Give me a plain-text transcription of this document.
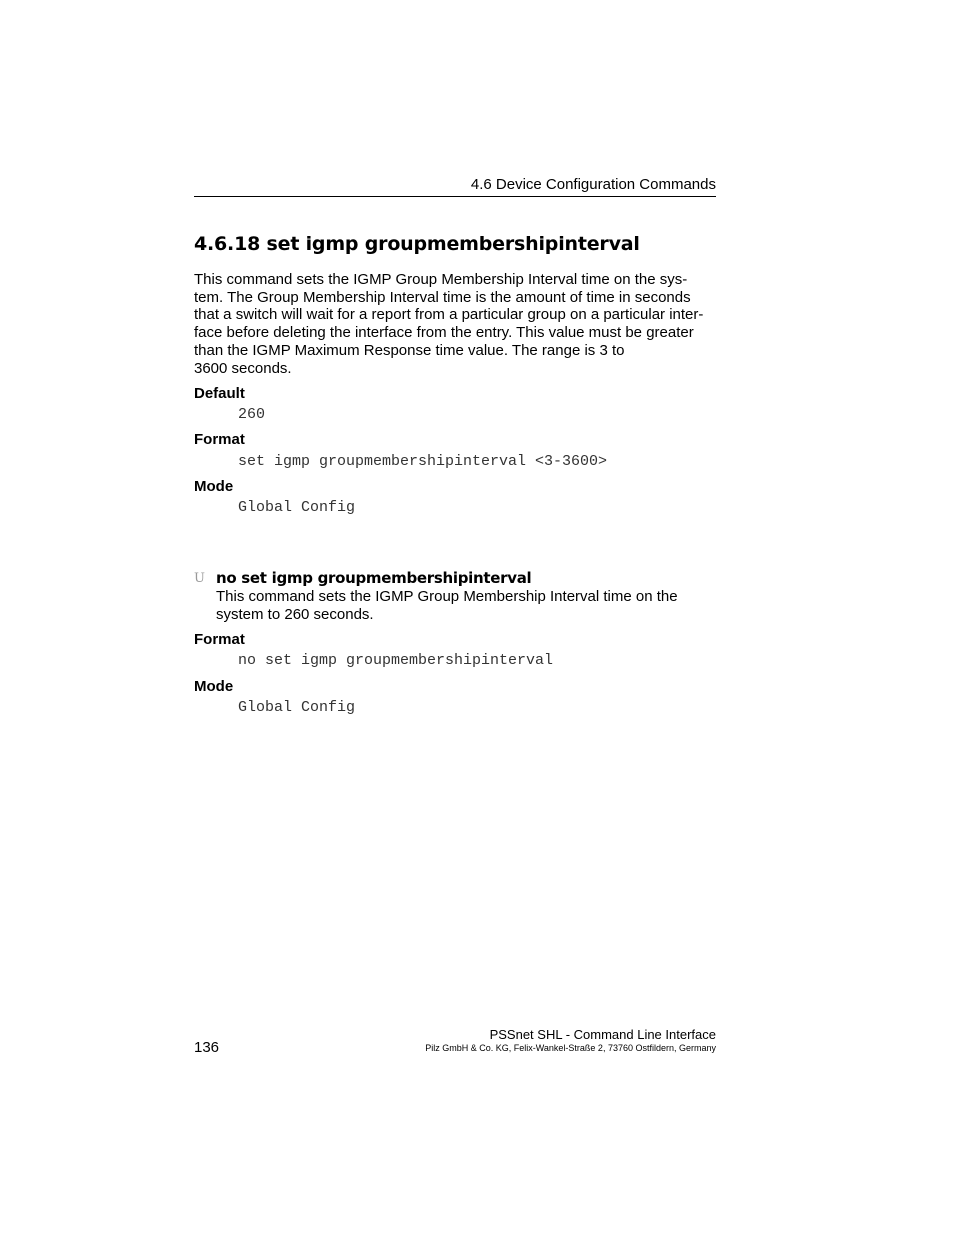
4.6 Device Configuration Commands
4.6.18 set igmp groupmembershipinterval

This command sets the IGMP Group Membership Interval time on the sys-

tem. The Group Membership Interval time is the amount of time in seconds

that a switch will wait for a report from a particular group on a particular inter-

face before deleting the interface from the entry. This value must be greater

than the IGMP Maximum Response time value. The range is 3 to

3600 seconds.

Default
260
Format
set igmp groupmembershipinterval <3-3600>
Mode
Global Config
U no set igmp groupmembershipinterval

This command sets the IGMP Group Membership Interval time on the

system to 260 seconds.

Format
no set igmp groupmembershipinterval
Mode
Global Config
136
PSSnet SHL - Command Line Interface
Pilz GmbH & Co. KG, Felix-Wankel-Straße 2, 73760 Ostfildern, Germany
